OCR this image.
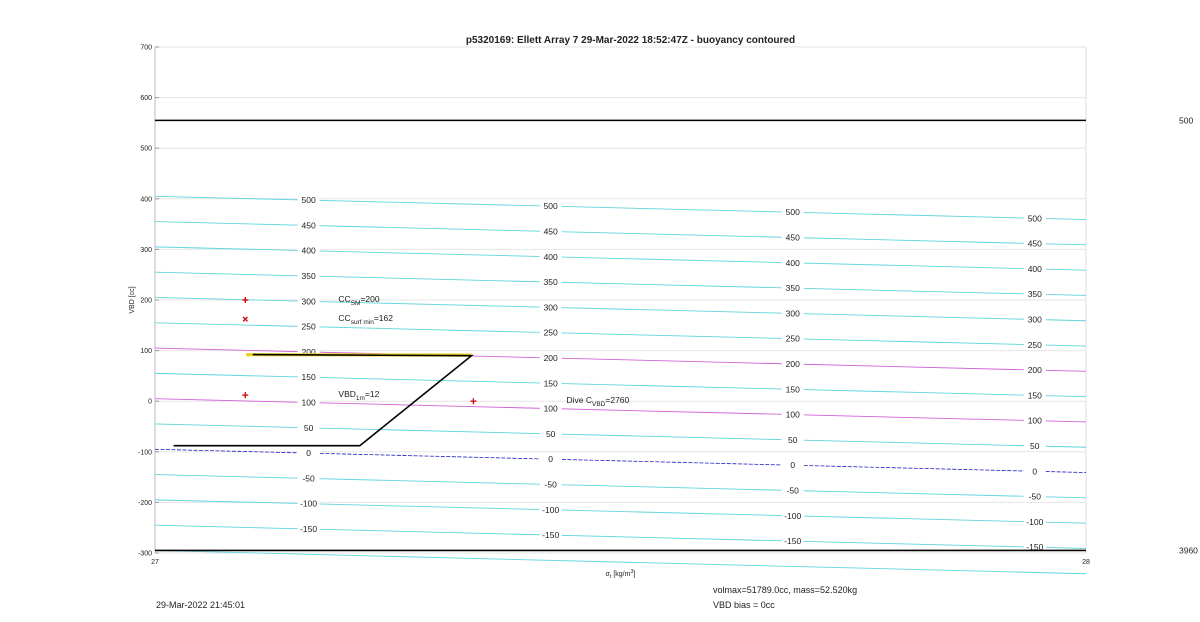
700
600
500
400
300
200
100
0
-100
-200
-300
27	28
500
500
500
500
450
450
450
450
400
400
400
400
350
350
350
350
300
300
300
300
250
250
250
250
200
200
200
200
150
150
150
150
100
100
100
100
50
50
50
50
0
0
0
0
-50
-50
-50
-50
-100
-100
-100
-100
-150
-150
-150
-150
500
3960
$CC_{SM}=200$
$CC_{surf min}=162$
$VBD_{1m}=12$
Dive $C_{VBD}=2760$
p5320169: Ellett Array 7 29-Mar-2022 18:52:47Z - buoyancy contoured
VBD [cc]
$\sigma_t$ $[kg/m^3]$
29-Mar-2022 21:45:01
volmax=51789.0cc, mass=52.520kg
VBD bias = 0cc
